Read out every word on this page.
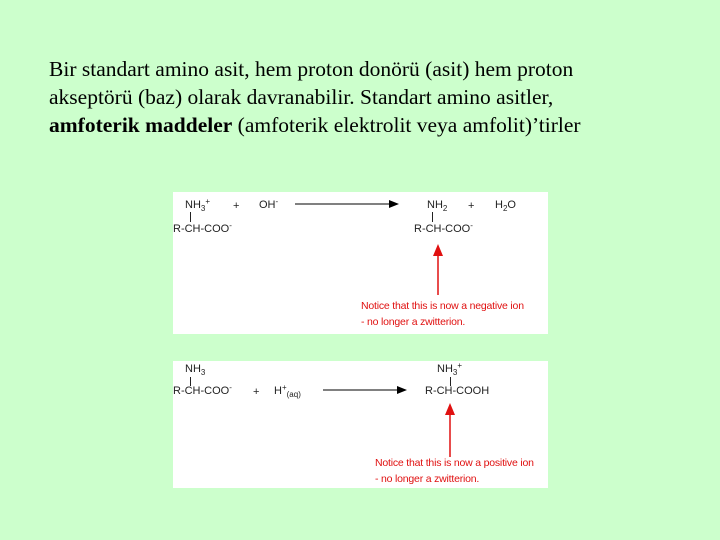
Bir standart amino asit, hem proton donörü (asit) hem proton
akseptörü (baz) olarak davranabilir. Standart amino asitler,
amfoterik maddeler (amfoterik elektrolit veya amfolit)’tirler
$NH_3^+ + OH^-$
R-CH-COO-
$NH_2 + H_2O$
R-CH-COO-
Notice that this is now a negative ion
- no longer a zwitterion.
$NH_3$
$R-CH-COO^- + H^+_{(aq)}$
$NH_3^+$
R-CH-COOH
Notice that this is now a positive ion
- no longer a zwitterion.
